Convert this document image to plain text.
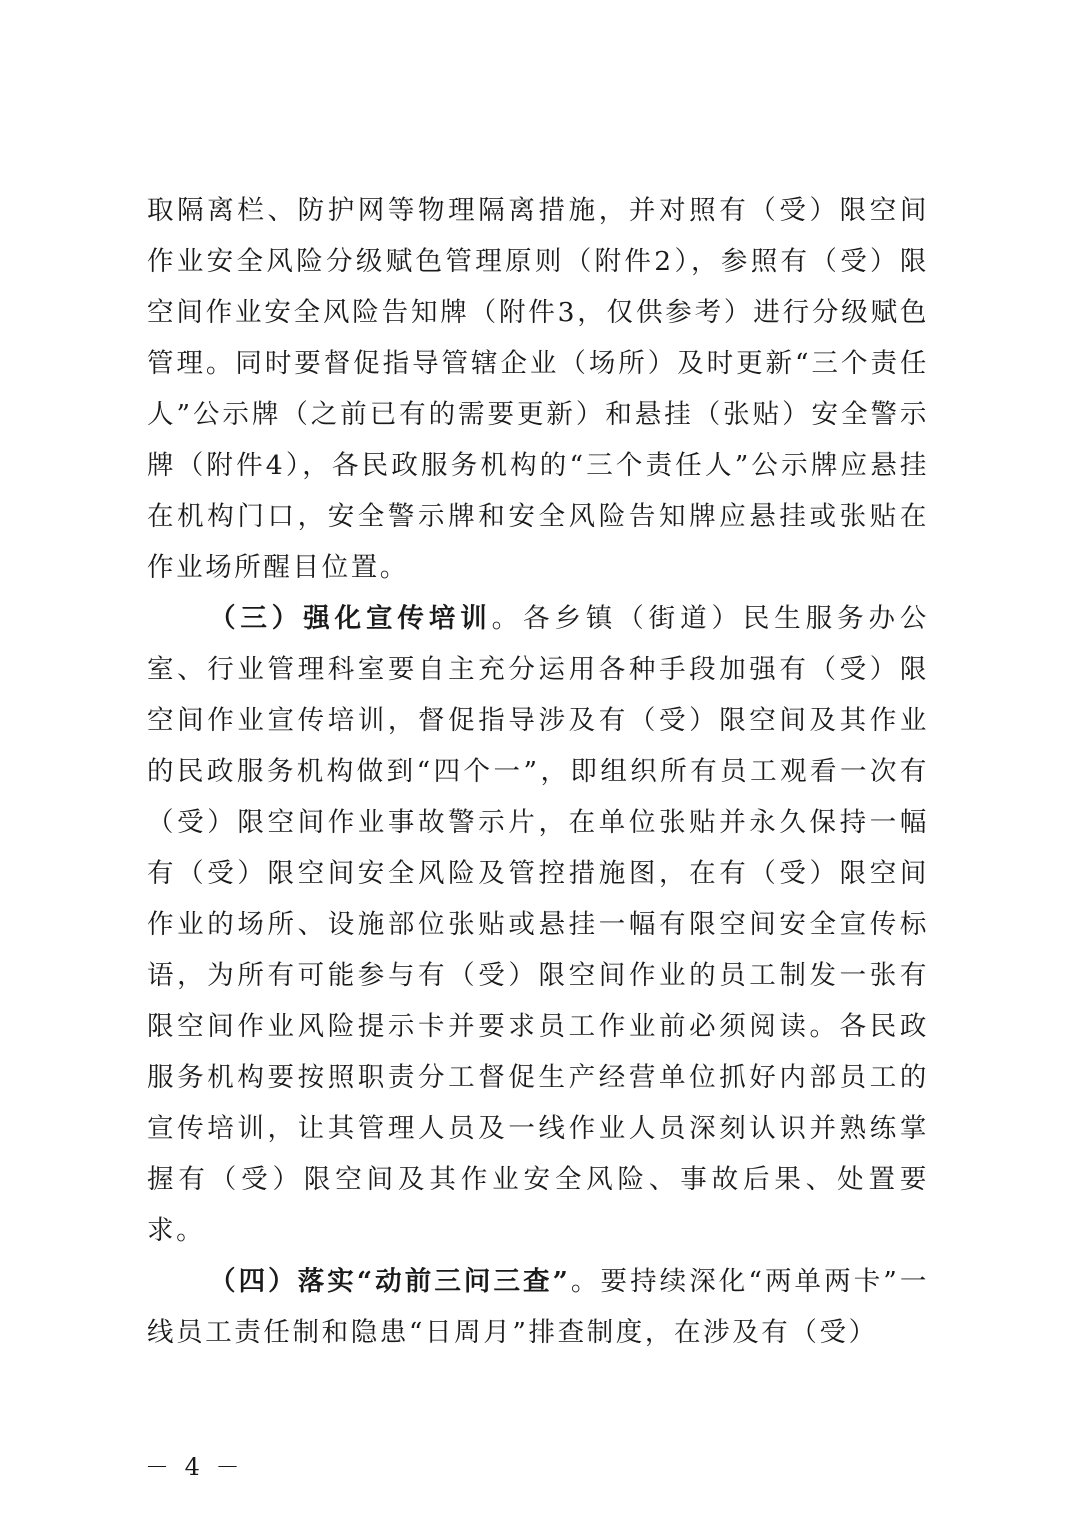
取隔离栏、防护网等物理隔离措施，并对照有（受）限空间作业安全风险分级赋色管理原则（附件2），参照有（受）限空间作业安全风险告知牌（附件3，仅供参考）进行分级赋色管理。同时要督促指导管辖企业（场所）及时更新“三个责任人”公示牌（之前已有的需要更新）和悬挂（张贴）安全警示牌（附件4），各民政服务机构的“三个责任人”公示牌应悬挂在机构门口，安全警示牌和安全风险告知牌应悬挂或张贴在作业场所醒目位置。

（三）强化宣传培训。各乡镇（街道）民生服务办公室、行业管理科室要自主充分运用各种手段加强有（受）限空间作业宣传培训，督促指导涉及有（受）限空间及其作业的民政服务机构做到“四个一”，即组织所有员工观看一次有（受）限空间作业事故警示片，在单位张贴并永久保持一幅有（受）限空间安全风险及管控措施图，在有（受）限空间作业的场所、设施部位张贴或悬挂一幅有限空间安全宣传标语，为所有可能参与有（受）限空间作业的员工制发一张有限空间作业风险提示卡并要求员工作业前必须阅读。各民政服务机构要按照职责分工督促生产经营单位抓好内部员工的宣传培训，让其管理人员及一线作业人员深刻认识并熟练掌握有（受）限空间及其作业安全风险、事故后果、处置要求。

（四）落实“动前三问三查”。要持续深化“两单两卡”一线员工责任制和隐患“日周月”排查制度，在涉及有（受）

－ 4 －
